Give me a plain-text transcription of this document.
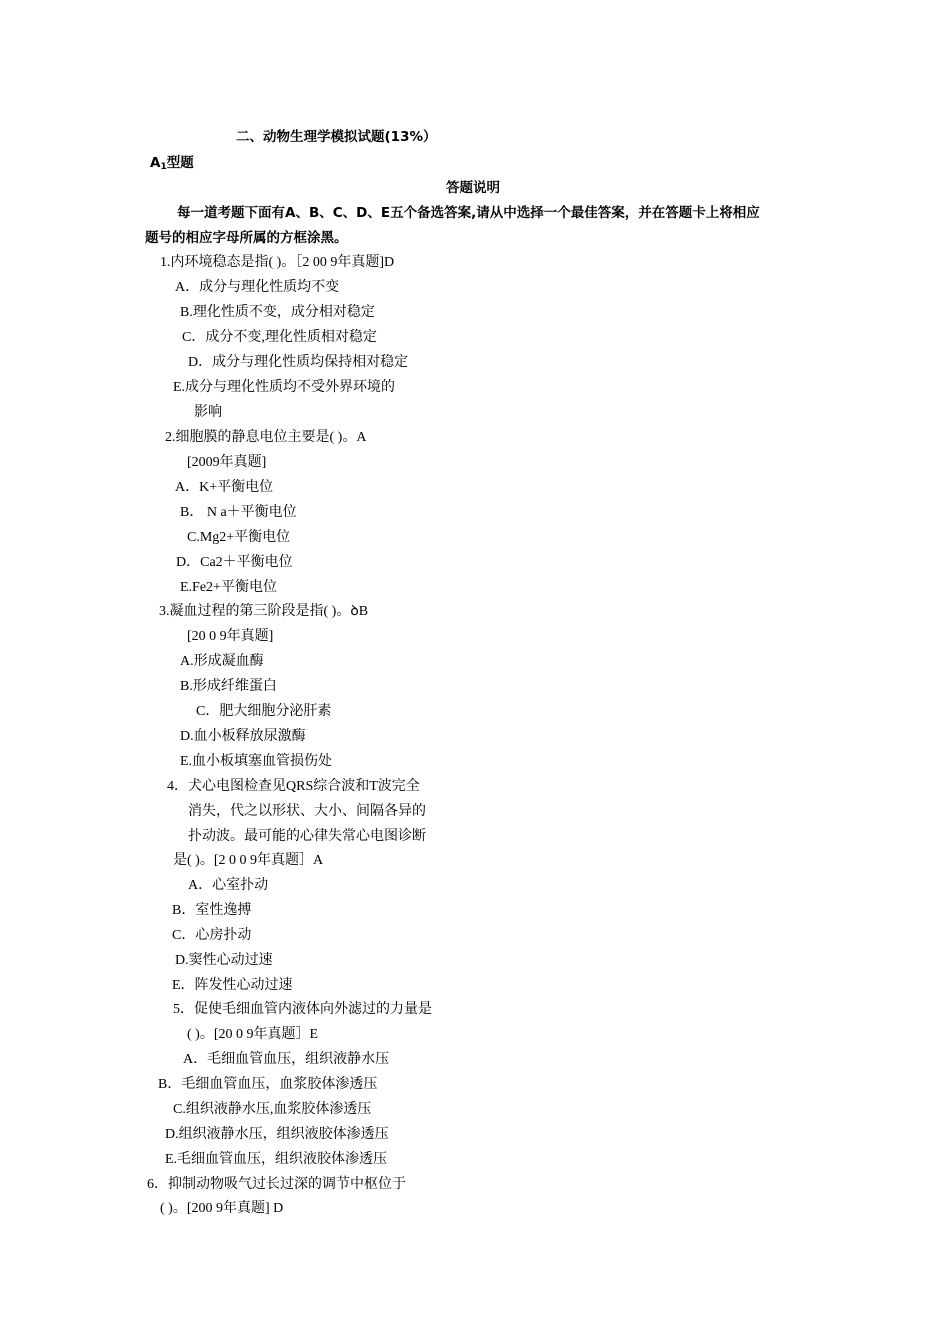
二、动物生理学模拟试题(13%）
$A_1$型题
答题说明
每一道考题下面有A、B、C、D、E五个备选答案,请从中选择一个最佳答案，并在答题卡上将相应
题号的相应字母所属的方框涂黑。
1.内环境稳态是指( )。［2 00 9年真题]D
A．成分与理化性质均不变
B.理化性质不变，成分相对稳定
C．成分不变,理化性质相对稳定
D．成分与理化性质均保持相对稳定
E.成分与理化性质均不受外界环境的
影响
2.细胞膜的静息电位主要是( )。A
[2009年真题]
A．K+平衡电位
B． N a＋平衡电位
C.Mg2+平衡电位
D．Ca2＋平衡电位
E.Fe2+平衡电位
3.凝血过程的第三阶段是指( )。ꝺB
[20 0 9年真题]
A.形成凝血酶
B.形成纤维蛋白
C．肥大细胞分泌肝素
D.血小板释放尿激酶
E.血小板填塞血管损伤处
4．犬心电图检查见QRS综合波和T波完全
消失，代之以形状、大小、间隔各异的
扑动波。最可能的心律失常心电图诊断
是( )。[2 0 0 9年真题］A
A．心室扑动
B．室性逸搏
C．心房扑动
D.窦性心动过速
E．阵发性心动过速
5．促使毛细血管内液体向外滤过的力量是
( )。[20 0 9年真题］E
A．毛细血管血压，组织液静水压
B．毛细血管血压，血浆胶体渗透压
C.组织液静水压,血浆胶体渗透压
D.组织液静水压，组织液胶体渗透压
E.毛细血管血压，组织液胶体渗透压
6．抑制动物吸气过长过深的调节中枢位于
( )。[200 9年真题] D
